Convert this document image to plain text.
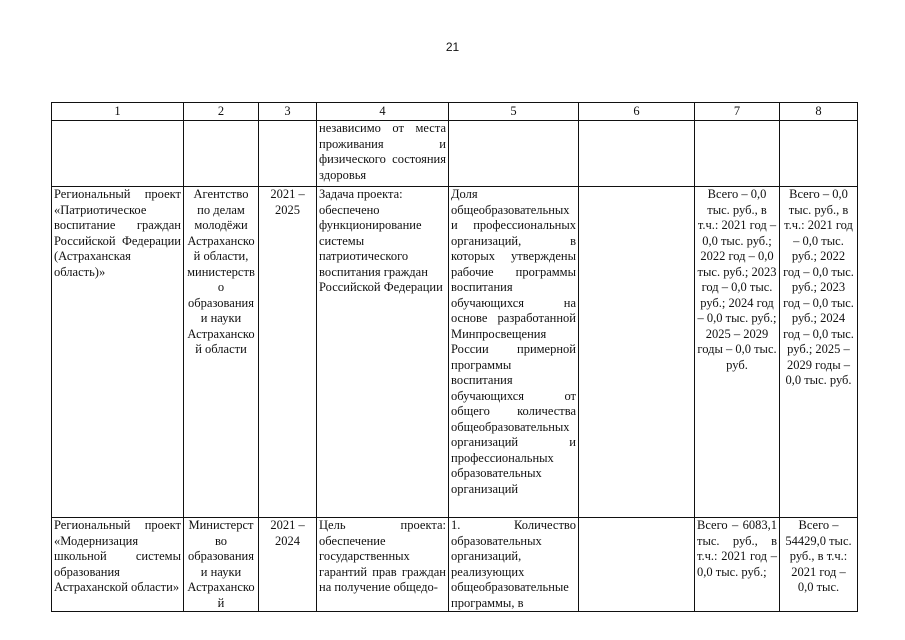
21
1	2	3	4	5	6	7	8
			независимо от места проживания и физического состояния здоровья				
Региональный проект «Патриотическое воспитание граждан Российской Федерации (Астраханская область)»	Агентство по делам молодёжи Астраханской области, министерство образования и науки Астраханской области	2021 – 2025	Задача проекта: обеспечено функционирование системы патриотического воспитания граждан Российской Федерации	Доля общеобразовательных и профессиональных организаций, в которых утверждены рабочие программы воспитания обучающихся на основе разработанной Минпросвещения России примерной программы воспитания обучающихся от общего количества общеобразовательных организаций и профессиональных образовательных организаций		Всего – 0,0 тыс. руб., в т.ч.: 2021 год – 0,0 тыс. руб.; 2022 год – 0,0 тыс. руб.; 2023 год – 0,0 тыс. руб.; 2024 год – 0,0 тыс. руб.; 2025 – 2029 годы – 0,0 тыс. руб.	Всего – 0,0 тыс. руб., в т.ч.: 2021 год – 0,0 тыс. руб.; 2022 год – 0,0 тыс. руб.; 2023 год – 0,0 тыс. руб.; 2024 год – 0,0 тыс. руб.; 2025 – 2029 годы – 0,0 тыс. руб.
Региональный проект «Модернизация школьной системы образования Астраханской области»	Министерство образования и науки Астраханской	2021 – 2024	Цель проекта: обеспечение государственных гарантий прав граждан на получение общедо-	1. Количество образовательных организаций, реализующих общеобразовательные программы, в		Всего – 6083,1 тыс. руб., в т.ч.: 2021 год – 0,0 тыс. руб.;	Всего – 54429,0 тыс. руб., в т.ч.: 2021 год – 0,0 тыс.
